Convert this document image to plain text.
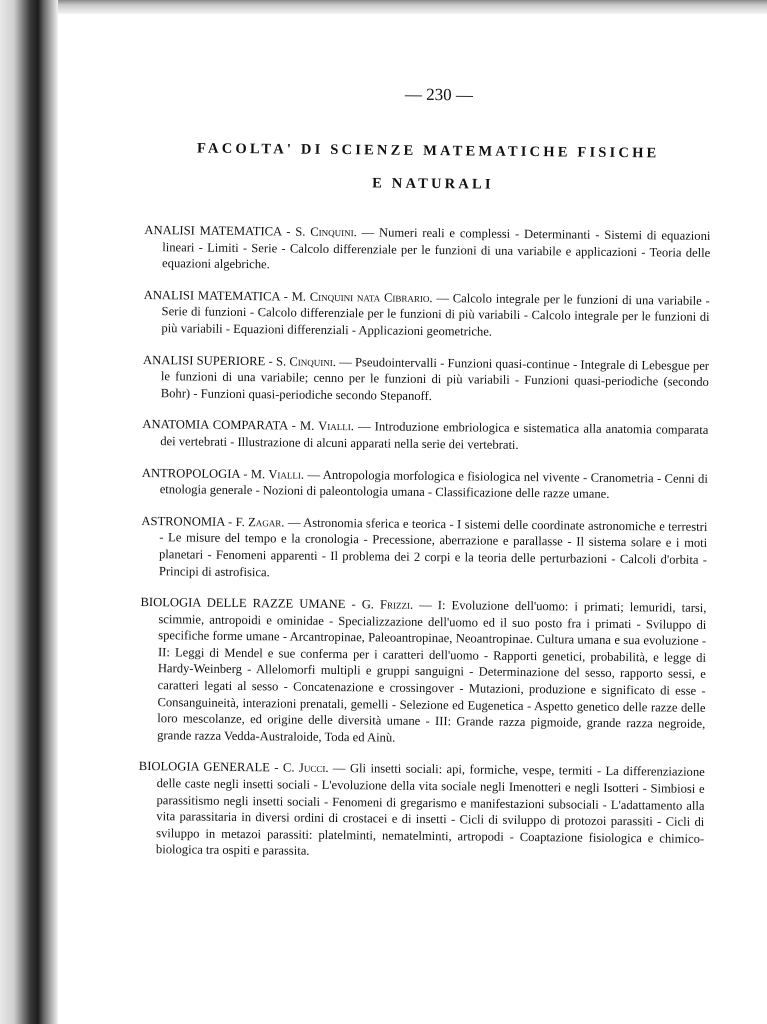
— 230 —
FACOLTA' DI SCIENZE MATEMATICHE FISICHE
E NATURALI

ANALISI MATEMATICA - S. Cinquini. — Numeri reali e complessi - Determinanti - Sistemi di equazioni lineari - Limiti - Serie - Calcolo differenziale per le funzioni di una variabile e applicazioni - Teoria delle equazioni algebriche.

ANALISI MATEMATICA - M. Cinquini nata Cibrario. — Calcolo integrale per le funzioni di una variabile - Serie di funzioni - Calcolo differenziale per le funzioni di più variabili - Calcolo integrale per le funzioni di più variabili - Equazioni differenziali - Applicazioni geometriche.

ANALISI SUPERIORE - S. Cinquini. — Pseudointervalli - Funzioni quasi-continue - Integrale di Lebesgue per le funzioni di una variabile; cenno per le funzioni di più variabili - Funzioni quasi-periodiche (secondo Bohr) - Funzioni quasi-periodiche secondo Stepanoff.

ANATOMIA COMPARATA - M. Vialli. — Introduzione embriologica e sistematica alla anatomia comparata dei vertebrati - Illustrazione di alcuni apparati nella serie dei vertebrati.

ANTROPOLOGIA - M. Vialli. — Antropologia morfologica e fisiologica nel vivente - Cranometria - Cenni di etnologia generale - Nozioni di paleontologia umana - Classificazione delle razze umane.

ASTRONOMIA - F. Zagar. — Astronomia sferica e teorica - I sistemi delle coordinate astronomiche e terrestri - Le misure del tempo e la cronologia - Precessione, aberrazione e parallasse - Il sistema solare e i moti planetari - Fenomeni apparenti - Il problema dei 2 corpi e la teoria delle perturbazioni - Calcoli d'orbita - Principi di astrofisica.

BIOLOGIA DELLE RAZZE UMANE - G. Frizzi. — I: Evoluzione dell'uomo: i primati; lemuridi, tarsi, scimmie, antropoidi e ominidae - Specializzazione dell'uomo ed il suo posto fra i primati - Sviluppo di specifiche forme umane - Arcantropinae, Paleoantropinae, Neoantropinae. Cultura umana e sua evoluzione - II: Leggi di Mendel e sue conferma per i caratteri dell'uomo - Rapporti genetici, probabilità, e legge di Hardy-Weinberg - Allelomorfi multipli e gruppi sanguigni - Determinazione del sesso, rapporto sessi, e caratteri legati al sesso - Concatenazione e crossingover - Mutazioni, produzione e significato di esse - Consanguineità, interazioni prenatali, gemelli - Selezione ed Eugenetica - Aspetto genetico delle razze delle loro mescolanze, ed origine delle diversità umane - III: Grande razza pigmoide, grande razza negroide, grande razza Vedda-Australoide, Toda ed Ainù.

BIOLOGIA GENERALE - C. Jucci. — Gli insetti sociali: api, formiche, vespe, termiti - La differenziazione delle caste negli insetti sociali - L'evoluzione della vita sociale negli Imenotteri e negli Isotteri - Simbiosi e parassitismo negli insetti sociali - Fenomeni di gregarismo e manifestazioni subsociali - L'adattamento alla vita parassitaria in diversi ordini di crostacei e di insetti - Cicli di sviluppo di protozoi parassiti - Cicli di sviluppo in metazoi parassiti: platelminti, nematelminti, artropodi - Coaptazione fisiologica e chimico-biologica tra ospiti e parassita.
